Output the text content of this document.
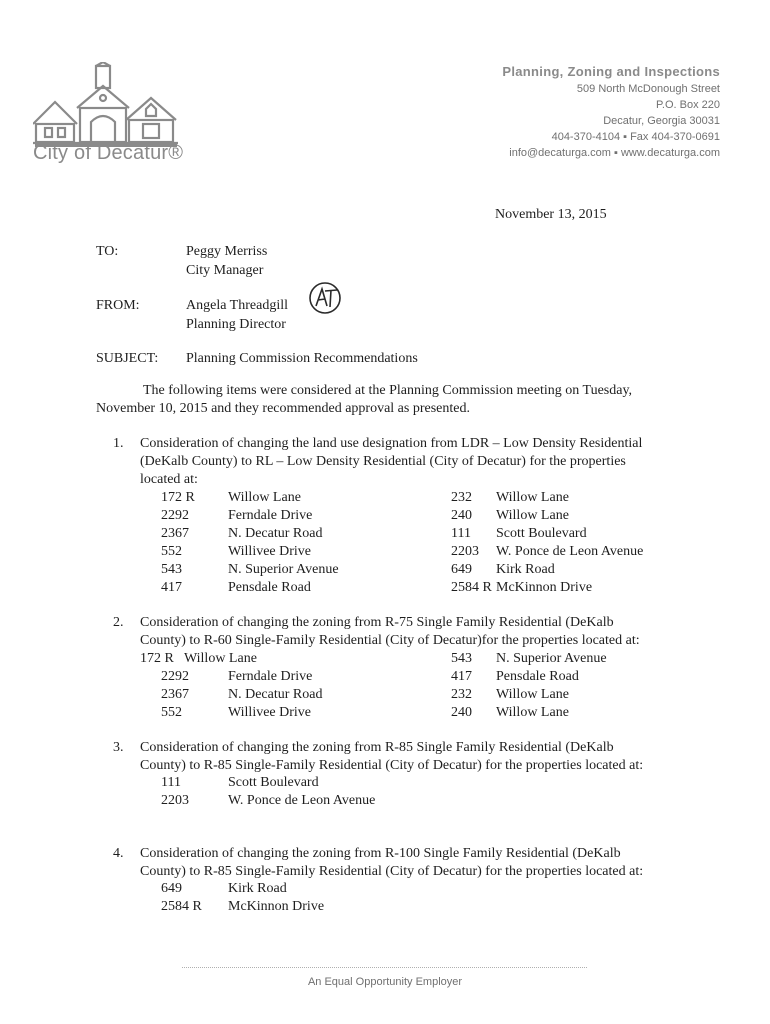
City of Decatur®
Planning, Zoning and Inspections
509 North McDonough Street
P.O. Box 220
Decatur, Georgia 30031
404-370-4104 ▪ Fax 404-370-0691
info@decaturga.com ▪ www.decaturga.com
November 13, 2015
TO:	Peggy Merriss
City Manager
FROM:	Angela Threadgill
Planning Director
SUBJECT: Planning Commission Recommendations
The following items were considered at the Planning Commission meeting on Tuesday,
November 10, 2015 and they recommended approval as presented.
1. Consideration of changing the land use designation from LDR – Low Density Residential
(DeKalb County) to RL – Low Density Residential (City of Decatur) for the properties
located at:
172 R Willow Lane	232 Willow Lane
2292	Ferndale Drive	240 Willow Lane
2367	N. Decatur Road	111 Scott Boulevard
552	Willivee Drive	2203 W. Ponce de Leon Avenue
543	N. Superior Avenue	649 Kirk Road
417	Pensdale Road	2584 R McKinnon Drive
2. Consideration of changing the zoning from R-75 Single Family Residential (DeKalb
County) to R-60 Single-Family Residential (City of Decatur)for the properties located at:
172 R Willow Lane	543 N. Superior Avenue
2292	Ferndale Drive	417 Pensdale Road
2367	N. Decatur Road	232 Willow Lane
552	Willivee Drive	240 Willow Lane
3. Consideration of changing the zoning from R-85 Single Family Residential (DeKalb
County) to R-85 Single-Family Residential (City of Decatur) for the properties located at:
111	Scott Boulevard
2203	W. Ponce de Leon Avenue
4. Consideration of changing the zoning from R-100 Single Family Residential (DeKalb
County) to R-85 Single-Family Residential (City of Decatur) for the properties located at:
649	Kirk Road
2584 R McKinnon Drive
An Equal Opportunity Employer
